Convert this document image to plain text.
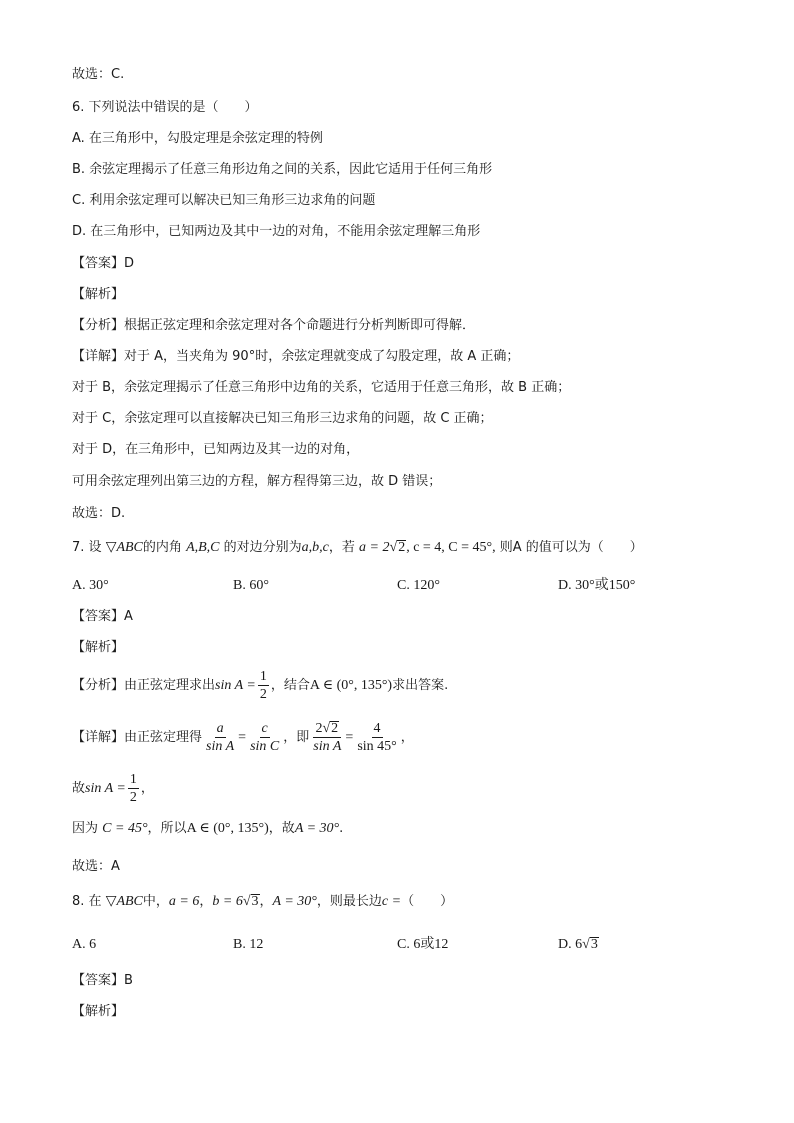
故选：C.
6. 下列说法中错误的是（　　）
A. 在三角形中，勾股定理是余弦定理的特例
B. 余弦定理揭示了任意三角形边角之间的关系，因此它适用于任何三角形
C. 利用余弦定理可以解决已知三角形三边求角的问题
D. 在三角形中，已知两边及其中一边的对角，不能用余弦定理解三角形
【答案】D
【解析】
【分析】根据正弦定理和余弦定理对各个命题进行分析判断即可得解．
【详解】对于 A，当夹角为 90°时，余弦定理就变成了勾股定理，故 A 正确；
对于 B，余弦定理揭示了任意三角形中边角的关系，它适用于任意三角形，故 B 正确；
对于 C，余弦定理可以直接解决已知三角形三边求角的问题，故 C 正确；
对于 D，在三角形中，已知两边及其一边的对角，
可用余弦定理列出第三边的方程，解方程得第三边，故 D 错误；
故选：D.
7. 设 ▽ABC的内角 A,B,C 的对边分别为a,b,c，若 a = 2√2, c = 4, C = 45°, 则A 的值可以为（　　）
A. 30°	B. 60°	C. 120°	D. 30°或150°
【答案】A
【解析】
【分析】由正弦定理求出$\sin A = \frac{1}{2}$ ，结合A ∈ (0°, 135°)求出答案.
【详解】由正弦定理得 $\frac{a}{\text{sin A}} = \frac{c}{\text{sin C}}$ ，即 $\frac{2√2}{\text{sin A}} = \frac{4}{\sin 45^\circ}$ ，
故$\sin A = \frac{1}{2}$ ，
因为 C = 45°，所以A ∈ (0°, 135°)，故A = 30°.
故选：A
8. 在 ▽ABC中，a = 6，b = 6√3，A = 30°，则最长边c =（　　）
A. 6	B. 12	C. 6或12	D. 6√3
【答案】B
【解析】
